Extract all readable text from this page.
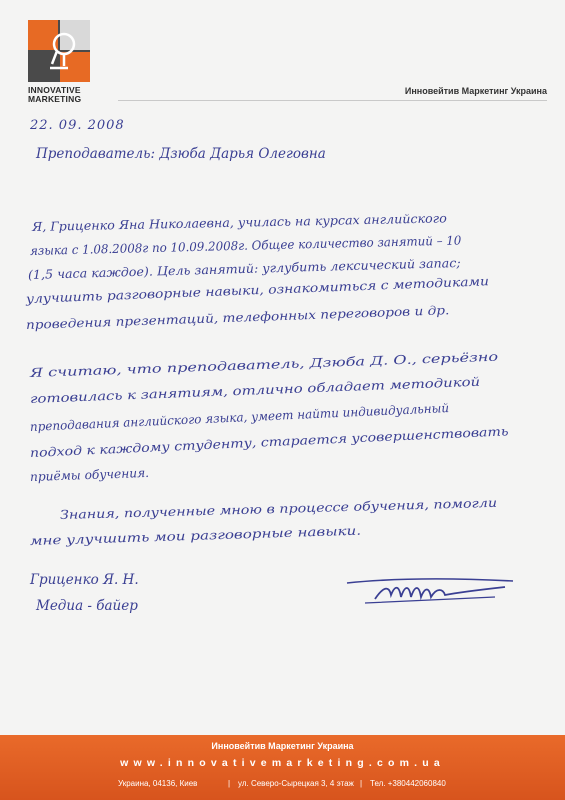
INNOVATIVE
MARKETING
Инновейтив Маркетинг Украина
22. 09. 2008
Преподаватель: Дзюба Дарья Олеговна
Я, Гриценко Яна Николаевна, училась на курсах английского
языка с 1.08.2008г по 10.09.2008г. Общее количество занятий – 10
(1,5 часа каждое). Цель занятий: углубить лексический запас;
улучшить разговорные навыки, ознакомиться с методиками
проведения презентаций, телефонных переговоров и др.
Я считаю, что преподаватель, Дзюба Д. О., серьёзно
готовилась к занятиям, отлично обладает методикой
преподавания английского языка, умеет найти индивидуальный
подход к каждому студенту, старается усовершенствовать
приёмы обучения.
Знания, полученные мною в процессе обучения, помогли
мне улучшить мои разговорные навыки.
Гриценко Я. Н.
Медиа - байер
Инновейтив Маркетинг Украина
www.innovativemarketing.com.ua
Украина, 04136, Киев	| ул. Северо-Сырецкая 3, 4 этаж | Тел. +380442060840
